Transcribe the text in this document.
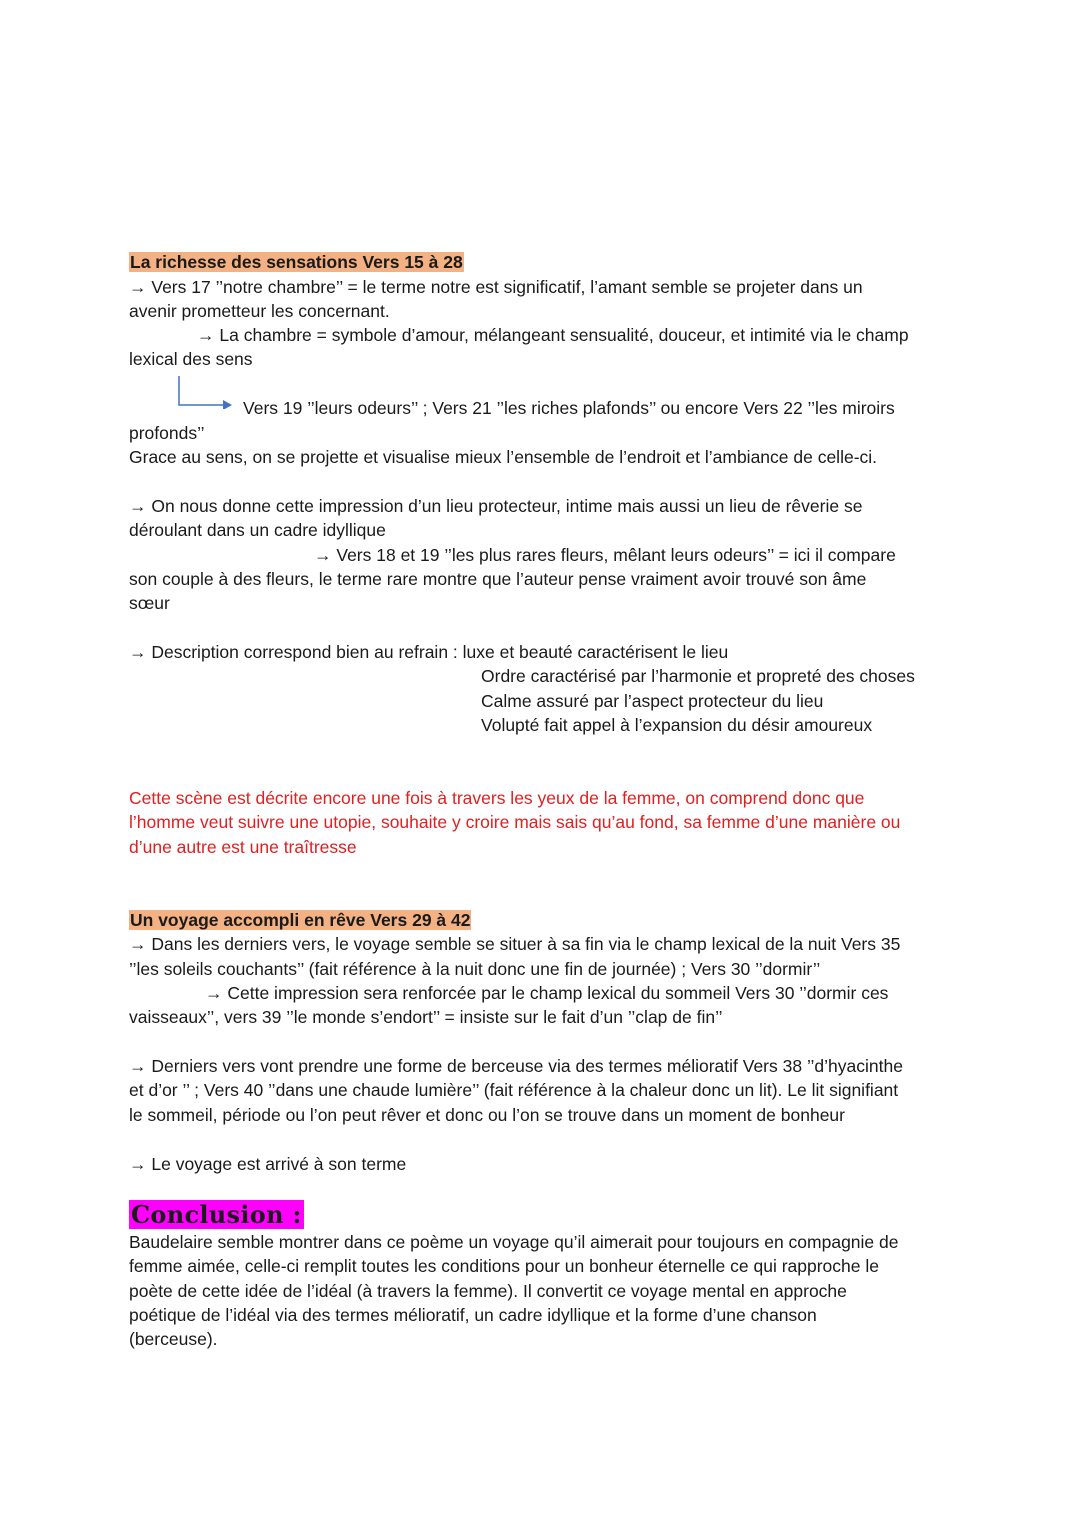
La richesse des sensations Vers 15 à 28
→ Vers 17 ’’notre chambre’’ = le terme notre est significatif, l’amant semble se projeter dans un
avenir prometteur les concernant.
→ La chambre = symbole d’amour, mélangeant sensualité, douceur, et intimité via le champ
lexical des sens
Vers 19 ’’leurs odeurs’’ ; Vers 21 ’’les riches plafonds’’ ou encore Vers 22 ’’les miroirs
profonds’’
Grace au sens, on se projette et visualise mieux l’ensemble de l’endroit et l’ambiance de celle-ci.
→ On nous donne cette impression d’un lieu protecteur, intime mais aussi un lieu de rêverie se
déroulant dans un cadre idyllique
→ Vers 18 et 19 ’’les plus rares fleurs, mêlant leurs odeurs’’ = ici il compare
son couple à des fleurs, le terme rare montre que l’auteur pense vraiment avoir trouvé son âme
sœur
→ Description correspond bien au refrain : luxe et beauté caractérisent le lieu
Ordre caractérisé par l’harmonie et propreté des choses
Calme assuré par l’aspect protecteur du lieu
Volupté fait appel à l’expansion du désir amoureux
Cette scène est décrite encore une fois à travers les yeux de la femme, on comprend donc que
l’homme veut suivre une utopie, souhaite y croire mais sais qu’au fond, sa femme d’une manière ou
d’une autre est une traîtresse
Un voyage accompli en rêve Vers 29 à 42
→ Dans les derniers vers, le voyage semble se situer à sa fin via le champ lexical de la nuit Vers 35
’’les soleils couchants’’ (fait référence à la nuit donc une fin de journée) ; Vers 30 ’’dormir’’
→ Cette impression sera renforcée par le champ lexical du sommeil Vers 30 ’’dormir ces
vaisseaux’’, vers 39 ’’le monde s’endort’’ = insiste sur le fait d’un ’’clap de fin’’
→ Derniers vers vont prendre une forme de berceuse via des termes mélioratif Vers 38 ’’d’hyacinthe
et d’or ’’ ; Vers 40 ’’dans une chaude lumière’’ (fait référence à la chaleur donc un lit). Le lit signifiant
le sommeil, période ou l’on peut rêver et donc ou l’on se trouve dans un moment de bonheur
→ Le voyage est arrivé à son terme
Conclusion :
Baudelaire semble montrer dans ce poème un voyage qu’il aimerait pour toujours en compagnie de
femme aimée, celle-ci remplit toutes les conditions pour un bonheur éternelle ce qui rapproche le
poète de cette idée de l’idéal (à travers la femme). Il convertit ce voyage mental en approche
poétique de l’idéal via des termes mélioratif, un cadre idyllique et la forme d’une chanson
(berceuse).
